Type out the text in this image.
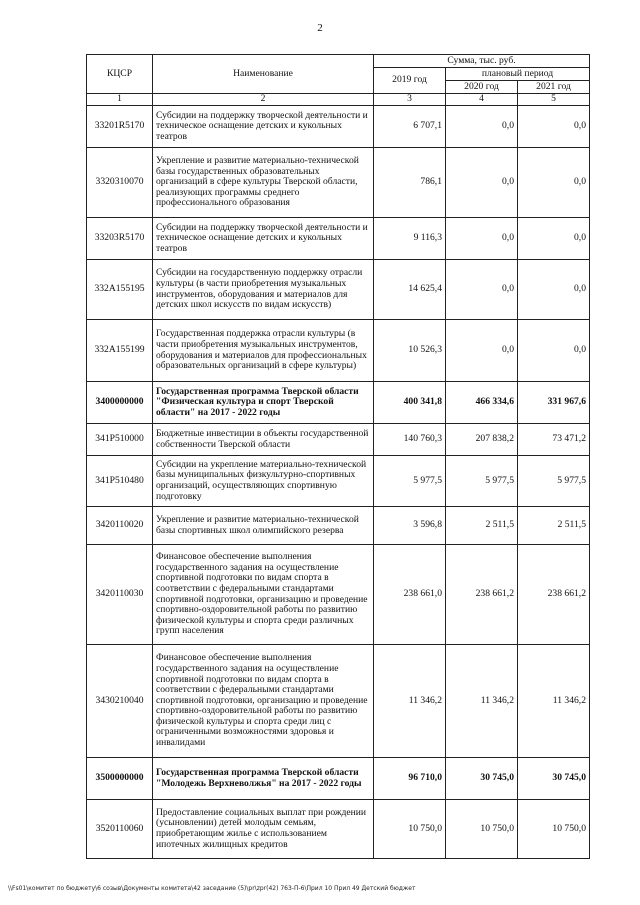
2
КЦСР	Наименование	Сумма, тыс. руб.		
		2019 год	плановый период	
			2020 год	2021 год
1	2	3	4	5
33201R5170	Субсидии на поддержку творческой деятельности и техническое оснащение детских и кукольных театров	6 707,1	0,0	0,0
3320310070	Укрепление и развитие материально-технической базы государственных образовательных организаций в сфере культуры Тверской области, реализующих программы среднего профессионального образования	786,1	0,0	0,0
33203R5170	Субсидии на поддержку творческой деятельности и техническое оснащение детских и кукольных театров	9 116,3	0,0	0,0
332A155195	Субсидии на государственную поддержку отрасли культуры (в части приобретения музыкальных инструментов, оборудования и материалов для детских школ искусств по видам искусств)	14 625,4	0,0	0,0
332A155199	Государственная поддержка отрасли культуры (в части приобретения музыкальных инструментов, оборудования и материалов для профессиональных образовательных организаций в сфере культуры)	10 526,3	0,0	0,0
3400000000	Государственная программа Тверской области "Физическая культура и спорт Тверской области" на 2017 - 2022 годы	400 341,8	466 334,6	331 967,6
341P510000	Бюджетные инвестиции в объекты государственной собственности Тверской области	140 760,3	207 838,2	73 471,2
341P510480	Субсидии на укрепление материально-технической базы муниципальных физкультурно-спортивных организаций, осуществляющих спортивную подготовку	5 977,5	5 977,5	5 977,5
3420110020	Укрепление и развитие материально-технической базы спортивных школ олимпийского резерва	3 596,8	2 511,5	2 511,5
3420110030	Финансовое обеспечение выполнения государственного задания на осуществление спортивной подготовки по видам спорта в соответствии с федеральными стандартами спортивной подготовки, организацию и проведение спортивно-оздоровительной работы по развитию физической культуры и спорта среди различных групп населения	238 661,0	238 661,2	238 661,2
3430210040	Финансовое обеспечение выполнения государственного задания на осуществление спортивной подготовки по видам спорта в соответствии с федеральными стандартами спортивной подготовки, организацию и проведение спортивно-оздоровительной работы по развитию физической культуры и спорта среди лиц с ограниченными возможностями здоровья и инвалидами	11 346,2	11 346,2	11 346,2
3500000000	Государственная программа Тверской области "Молодежь Верхневолжья" на 2017 - 2022 годы	96 710,0	30 745,0	30 745,0
3520110060	Предоставление социальных выплат при рождении (усыновлении) детей молодым семьям, приобретающим жилье с использованием ипотечных жилищных кредитов	10 750,0	10 750,0	10 750,0
\\Fs01\комитет по бюджету\6 созыв\Документы комитета\42 заседание (5)\pr\zpr(42) 763-П-6\Прил 10 Прил 49 Детский бюджет
